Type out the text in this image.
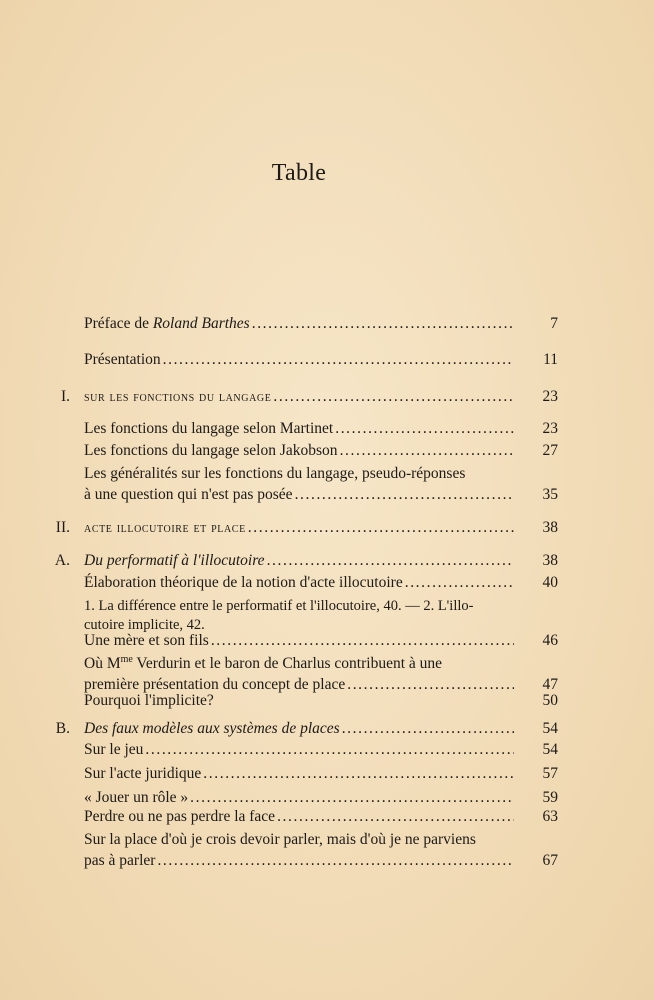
Table
Préface de Roland Barthes .....	7
Présentation .....	11
I. sur les fonctions du langage .....	23
Les fonctions du langage selon Martinet .....	23
Les fonctions du langage selon Jakobson .....	27
Les généralités sur les fonctions du langage, pseudo-réponses
à une question qui n'est pas posée .....	35
II. acte illocutoire et place .....	38
A. Du performatif à l'illocutoire .....	38
Élaboration théorique de la notion d'acte illocutoire .....	40
1. La différence entre le performatif et l'illocutoire, 40. — 2. L'illo-
cutoire implicite, 42.
Une mère et son fils .....	46
Où $M^{me}$ Verdurin et le baron de Charlus contribuent à une
première présentation du concept de place .....	47
Pourquoi l'implicite?	50
B. Des faux modèles aux systèmes de places .....	54
Sur le jeu .....	54
Sur l'acte juridique .....	57
« Jouer un rôle » .....	59
Perdre ou ne pas perdre la face .....	63
Sur la place d'où je crois devoir parler, mais d'où je ne parviens
pas à parler .....	67
